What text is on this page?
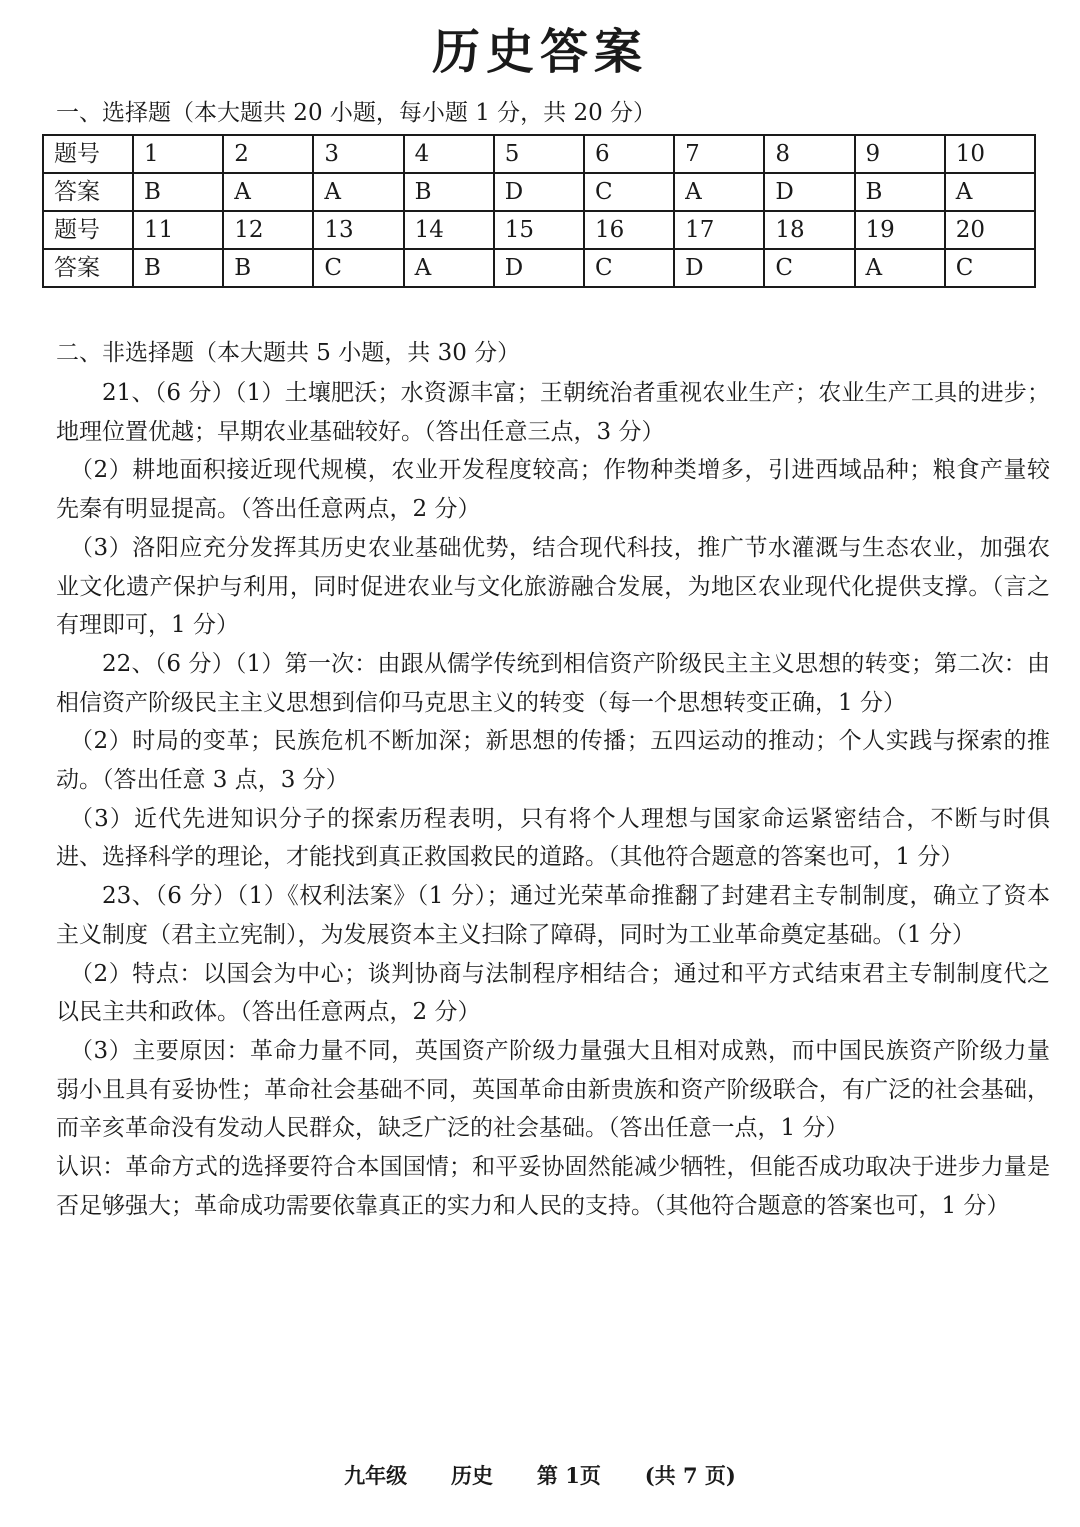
历史答案
一、选择题（本大题共 20 小题，每小题 1 分，共 20 分）
题号	1	2	3	4	5	6	7	8	9	10
答案	B	A	A	B	D	C	A	D	B	A
题号	11	12	13	14	15	16	17	18	19	20
答案	B	B	C	A	D	C	D	C	A	C
二、非选择题（本大题共 5 小题，共 30 分）

21、（6 分）（1）土壤肥沃；水资源丰富；王朝统治者重视农业生产；农业生产工具的进步；地理位置优越；早期农业基础较好。（答出任意三点，3 分）

（2）耕地面积接近现代规模，农业开发程度较高；作物种类增多，引进西域品种；粮食产量较先秦有明显提高。（答出任意两点，2 分）

（3）洛阳应充分发挥其历史农业基础优势，结合现代科技，推广节水灌溉与生态农业，加强农业文化遗产保护与利用，同时促进农业与文化旅游融合发展，为地区农业现代化提供支撑。（言之有理即可，1 分）

22、（6 分）（1）第一次：由跟从儒学传统到相信资产阶级民主主义思想的转变；第二次：由相信资产阶级民主主义思想到信仰马克思主义的转变（每一个思想转变正确，1 分）

（2）时局的变革；民族危机不断加深；新思想的传播；五四运动的推动；个人实践与探索的推动。（答出任意 3 点，3 分）

（3）近代先进知识分子的探索历程表明，只有将个人理想与国家命运紧密结合，不断与时俱进、选择科学的理论，才能找到真正救国救民的道路。（其他符合题意的答案也可，1 分）

23、（6 分）（1）《权利法案》（1 分）；通过光荣革命推翻了封建君主专制制度，确立了资本主义制度（君主立宪制），为发展资本主义扫除了障碍，同时为工业革命奠定基础。（1 分）

（2）特点：以国会为中心；谈判协商与法制程序相结合；通过和平方式结束君主专制制度代之以民主共和政体。（答出任意两点，2 分）

（3）主要原因：革命力量不同，英国资产阶级力量强大且相对成熟，而中国民族资产阶级力量弱小且具有妥协性；革命社会基础不同，英国革命由新贵族和资产阶级联合，有广泛的社会基础，而辛亥革命没有发动人民群众，缺乏广泛的社会基础。（答出任意一点，1 分）

认识：革命方式的选择要符合本国国情；和平妥协固然能减少牺牲，但能否成功取决于进步力量是否足够强大；革命成功需要依靠真正的实力和人民的支持。（其他符合题意的答案也可，1 分）

九年级 历史 第 1页 (共 7 页)
